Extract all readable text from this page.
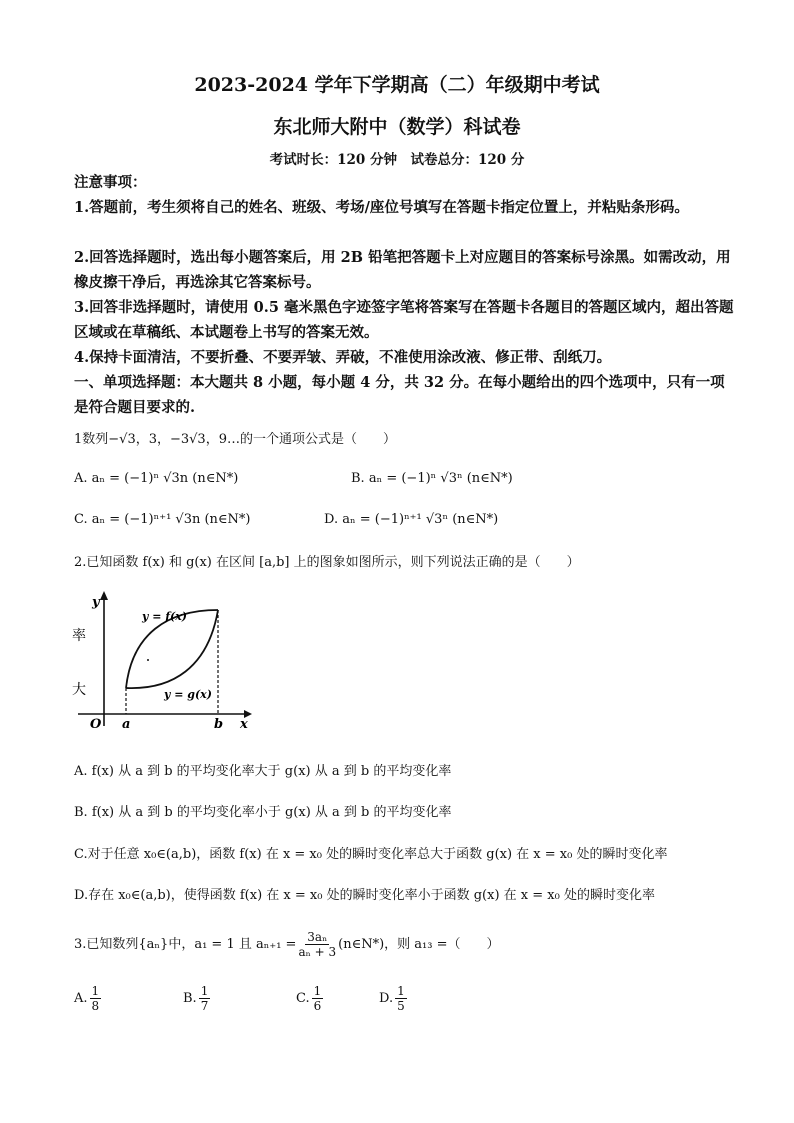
2023-2024 学年下学期高（二）年级期中考试
东北师大附中（数学）科试卷
考试时长：120 分钟　试卷总分：120 分
注意事项：
1.答题前，考生须将自己的姓名、班级、考场/座位号填写在答题卡指定位置上，并粘贴条形码。
2.回答选择题时，选出每小题答案后，用 2B 铅笔把答题卡上对应题目的答案标号涂黑。如需改动，用橡皮擦干净后，再选涂其它答案标号。
3.回答非选择题时，请使用 0.5 毫米黑色字迹签字笔将答案写在答题卡各题目的答题区域内，超出答题区域或在草稿纸、本试题卷上书写的答案无效。
4.保持卡面清洁，不要折叠、不要弄皱、弄破，不准使用涂改液、修正带、刮纸刀。
一、单项选择题：本大题共 8 小题，每小题 4 分，共 32 分。在每小题给出的四个选项中，只有一项是符合题目要求的.
1数列−√3，3，−3√3，9…的一个通项公式是（　　）
A. aₙ = (−1)ⁿ √3n (n∈N*)	B. aₙ = (−1)ⁿ √3ⁿ (n∈N*)
C. aₙ = (−1)ⁿ⁺¹ √3n (n∈N*)	D. aₙ = (−1)ⁿ⁺¹ √3ⁿ (n∈N*)
2.已知函数 f(x) 和 g(x) 在区间 [a,b] 上的图象如图所示，则下列说法正确的是（　　）
y
x
O a	b
y = f(x)
y = g(x)
率
大
A. f(x) 从 a 到 b 的平均变化率大于 g(x) 从 a 到 b 的平均变化率
B. f(x) 从 a 到 b 的平均变化率小于 g(x) 从 a 到 b 的平均变化率
C.对于任意 x₀∈(a,b)，函数 f(x) 在 x = x₀ 处的瞬时变化率总大于函数 g(x) 在 x = x₀ 处的瞬时变化率
D.存在 x₀∈(a,b)，使得函数 f(x) 在 x = x₀ 处的瞬时变化率小于函数 g(x) 在 x = x₀ 处的瞬时变化率
3.已知数列{aₙ}中，a₁ = 1 且 $a_{n+1} = \frac{\text{3aₙ}}{\text{aₙ + 3}}$ (n∈N*)，则 a₁₃ =（　　）
A. $\frac{1}{8}$	B. $\frac{1}{7}$	C. $\frac{1}{6}$	D. $\frac{1}{5}$
